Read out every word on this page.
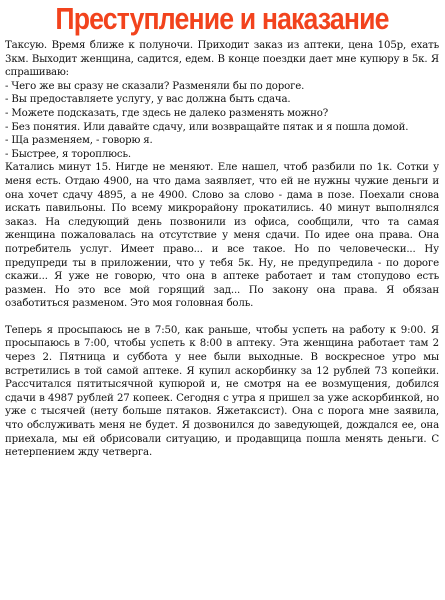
Преступление и наказание

Таксую. Время ближе к полуночи. Приходит заказ из аптеки, цена 105р, ехать 3км. Выходит женщина, садится, едем. В конце поездки дает мне купюру в 5к. Я спрашиваю:

- Чего же вы сразу не сказали? Разменяли бы по дороге.

- Вы предоставляете услугу, у вас должна быть сдача.

- Можете подсказать, где здесь не далеко разменять можно?

- Без понятия. Или давайте сдачу, или возвращайте пятак и я пошла домой.

- Ща разменяем, - говорю я.

- Быстрее, я тороплюсь.

Катались минут 15. Нигде не меняют. Еле нашел, чтоб разбили по 1к. Сотки у меня есть. Отдаю 4900, на что дама заявляет, что ей не нужны чужие деньги и она хочет сдачу 4895, а не 4900. Слово за слово - дама в позе. Поехали снова искать павильоны. По всему микрорайону прокатились. 40 минут выполнялся заказ. На следующий день позвонили из офиса, сообщили, что та самая женщина пожаловалась на отсутствие у меня сдачи. По идее она права. Она потребитель услуг. Имеет право... и все такое. Но по человечески... Ну предупреди ты в приложении, что у тебя 5к. Ну, не предупредила - по дороге скажи... Я уже не говорю, что она в аптеке работает и там стопудово есть размен. Но это все мой горящий зад... По закону она права. Я обязан озаботиться разменом. Это моя головная боль.

Теперь я просыпаюсь не в 7:50, как раньше, чтобы успеть на работу к 9:00. Я просыпаюсь в 7:00, чтобы успеть к 8:00 в аптеку. Эта женщина работает там 2 через 2. Пятница и суббота у нее были выходные. В воскресное утро мы встретились в той самой аптеке. Я купил аскорбинку за 12 рублей 73 копейки. Рассчитался пятитысячной купюрой и, не смотря на ее возмущения, добился сдачи в 4987 рублей 27 копеек. Сегодня с утра я пришел за уже аскорбинкой, но уже с тысячей (нету больше пятаков. Яжетаксист). Она с порога мне заявила, что обслуживать меня не будет. Я дозвонился до заведующей, дождался ее, она приехала, мы ей обрисовали ситуацию, и продавщица пошла менять деньги. С нетерпением жду четверга.
